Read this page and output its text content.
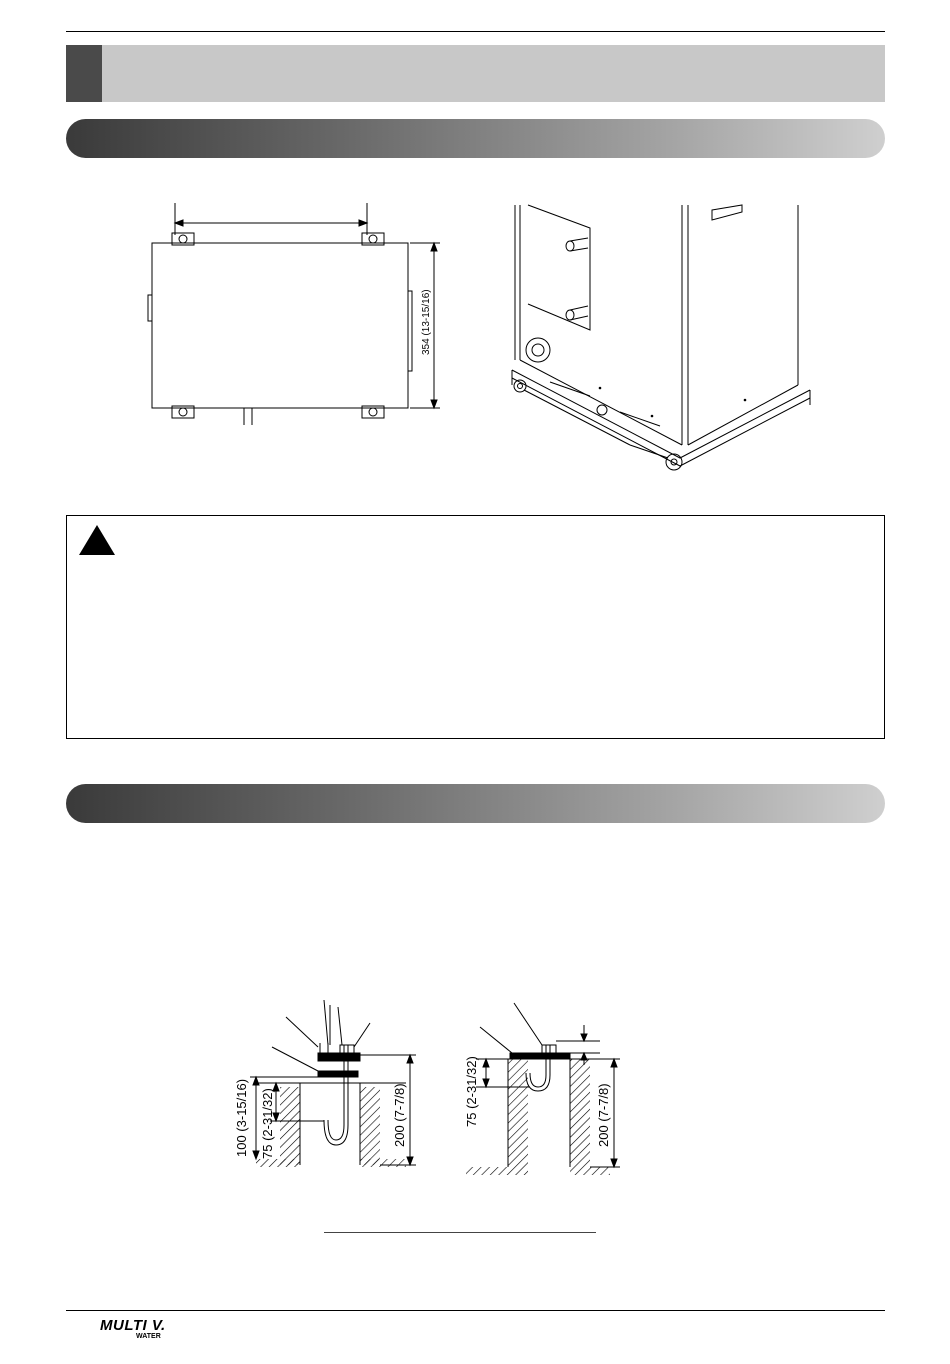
354 (13-15/16)
100 (3-15/16) 75 (2-31/32)	200 (7-7/8)	75 (2-31/32)	200 (7-7/8)
MULTI V.
WATER
